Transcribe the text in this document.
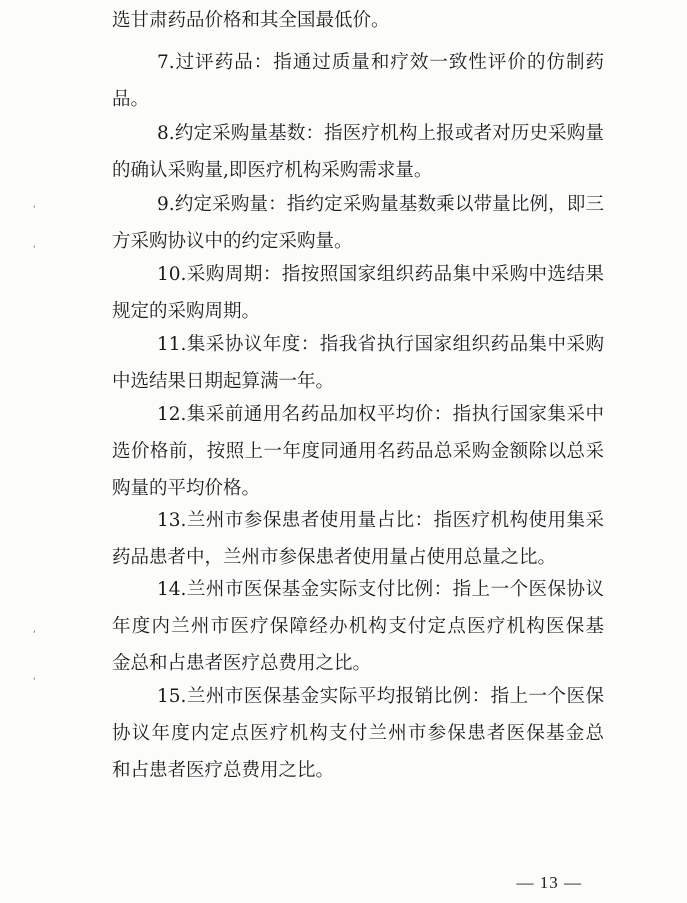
选甘肃药品价格和其全国最低价。
7.过评药品：指通过质量和疗效一致性评价的仿制药
品。
8.约定采购量基数：指医疗机构上报或者对历史采购量
的确认采购量,即医疗机构采购需求量。
9.约定采购量：指约定采购量基数乘以带量比例，即三
方采购协议中的约定采购量。
10.采购周期：指按照国家组织药品集中采购中选结果
规定的采购周期。
11.集采协议年度：指我省执行国家组织药品集中采购
中选结果日期起算满一年。
12.集采前通用名药品加权平均价：指执行国家集采中
选价格前，按照上一年度同通用名药品总采购金额除以总采
购量的平均价格。
13.兰州市参保患者使用量占比：指医疗机构使用集采
药品患者中，兰州市参保患者使用量占使用总量之比。
14.兰州市医保基金实际支付比例：指上一个医保协议
年度内兰州市医疗保障经办机构支付定点医疗机构医保基
金总和占患者医疗总费用之比。
15.兰州市医保基金实际平均报销比例：指上一个医保
协议年度内定点医疗机构支付兰州市参保患者医保基金总
和占患者医疗总费用之比。
— 13 —
‘
‘
‘
‘
